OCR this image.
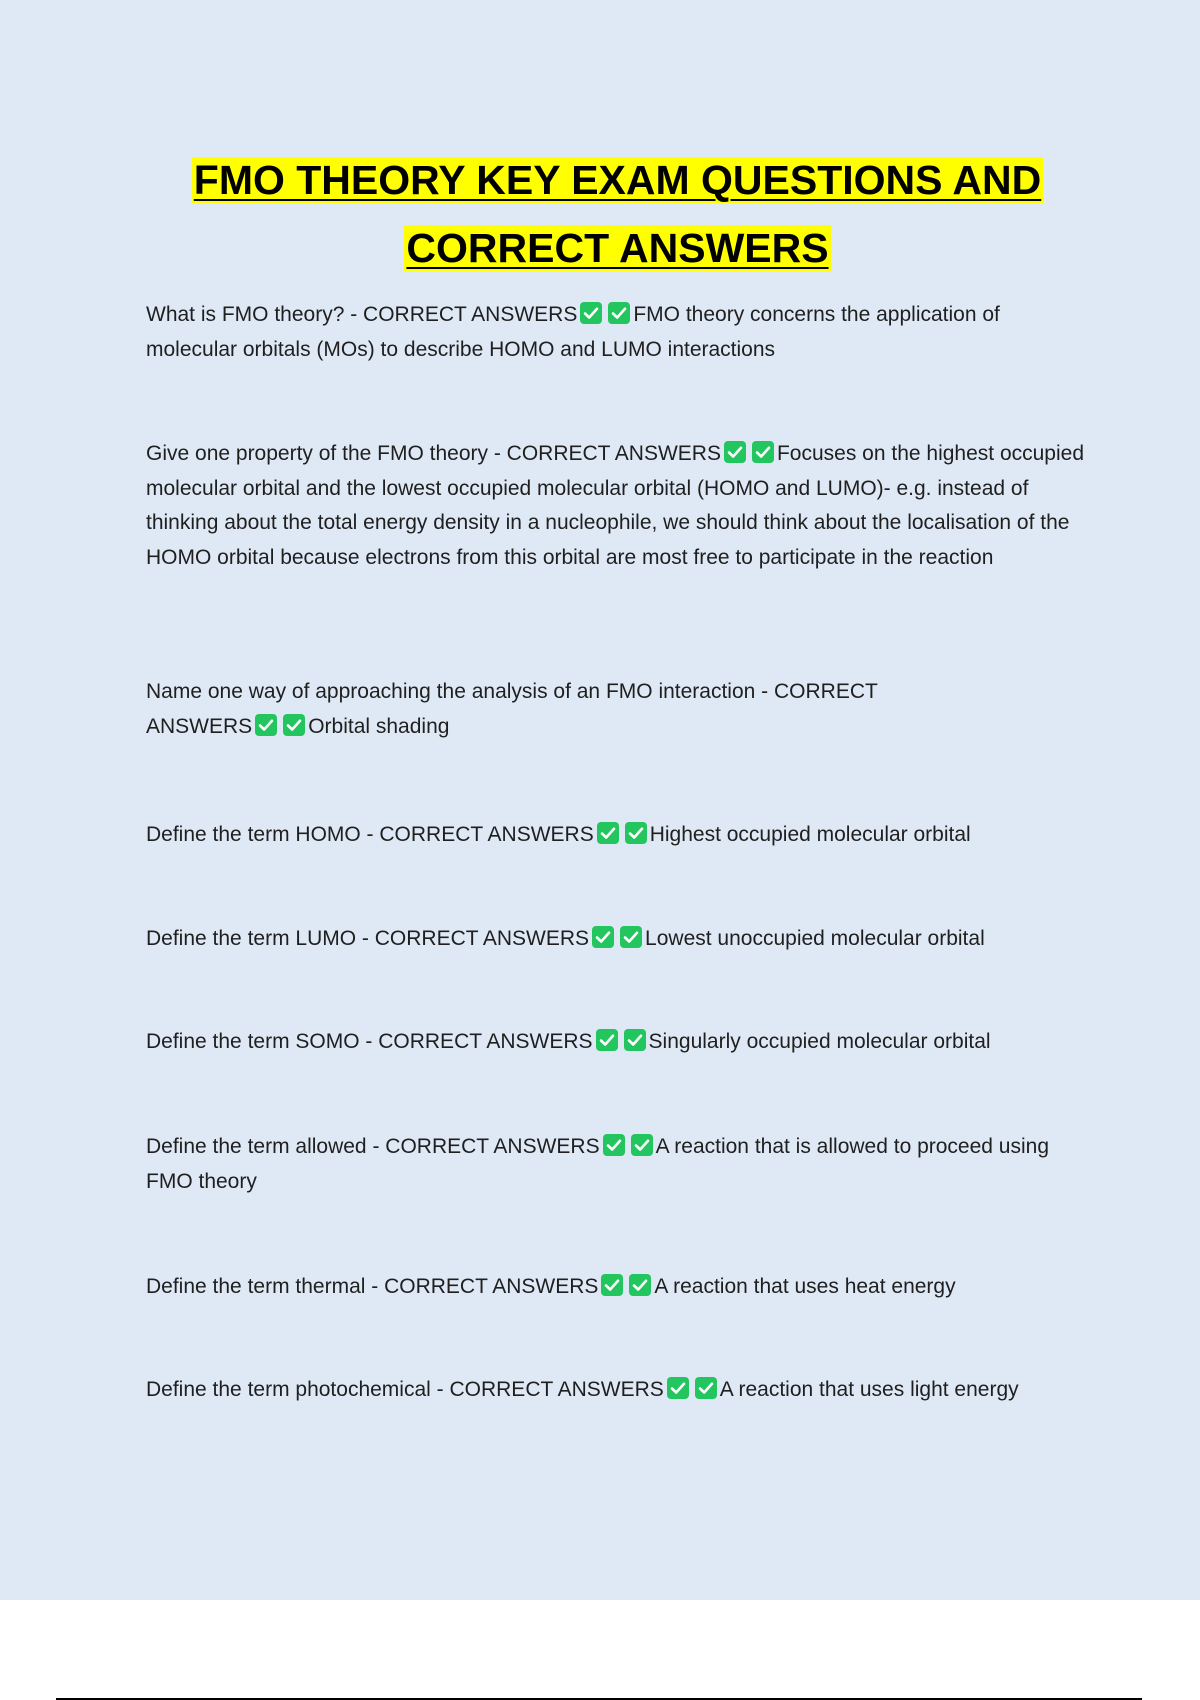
FMO THEORY KEY EXAM QUESTIONS AND
CORRECT ANSWERS
What is FMO theory? - CORRECT ANSWERS	FMO theory concerns the application of molecular orbitals (MOs) to describe HOMO and LUMO interactions
Give one property of the FMO theory - CORRECT ANSWERS	Focuses on the highest occupied molecular orbital and the lowest occupied molecular orbital (HOMO and LUMO)- e.g. instead of thinking about the total energy density in a nucleophile, we should think about the localisation of the HOMO orbital because electrons from this orbital are most free to participate in the reaction
Name one way of approaching the analysis of an FMO interaction - CORRECT ANSWERS	Orbital shading
Define the term HOMO - CORRECT ANSWERS	Highest occupied molecular orbital
Define the term LUMO - CORRECT ANSWERS	Lowest unoccupied molecular orbital
Define the term SOMO - CORRECT ANSWERS	Singularly occupied molecular orbital
Define the term allowed - CORRECT ANSWERS	A reaction that is allowed to proceed using FMO theory
Define the term thermal - CORRECT ANSWERS	A reaction that uses heat energy
Define the term photochemical - CORRECT ANSWERS	A reaction that uses light energy
